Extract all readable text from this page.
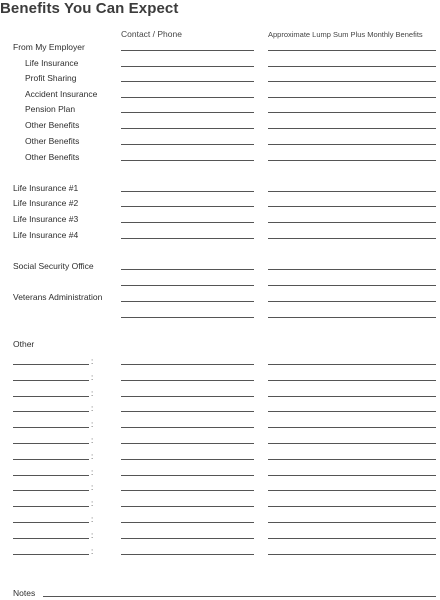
Benefits You Can Expect
Contact / Phone	Approximate Lump Sum Plus Monthly Benefits
From My Employer
Life Insurance
Profit Sharing
Accident Insurance
Pension Plan
Other Benefits
Other Benefits
Other Benefits
Life Insurance #1
Life Insurance #2
Life Insurance #3
Life Insurance #4
Social Security Office
Veterans Administration
Other
:
:
:
:
:
:
:
:
:
:
:
:
:
Notes
